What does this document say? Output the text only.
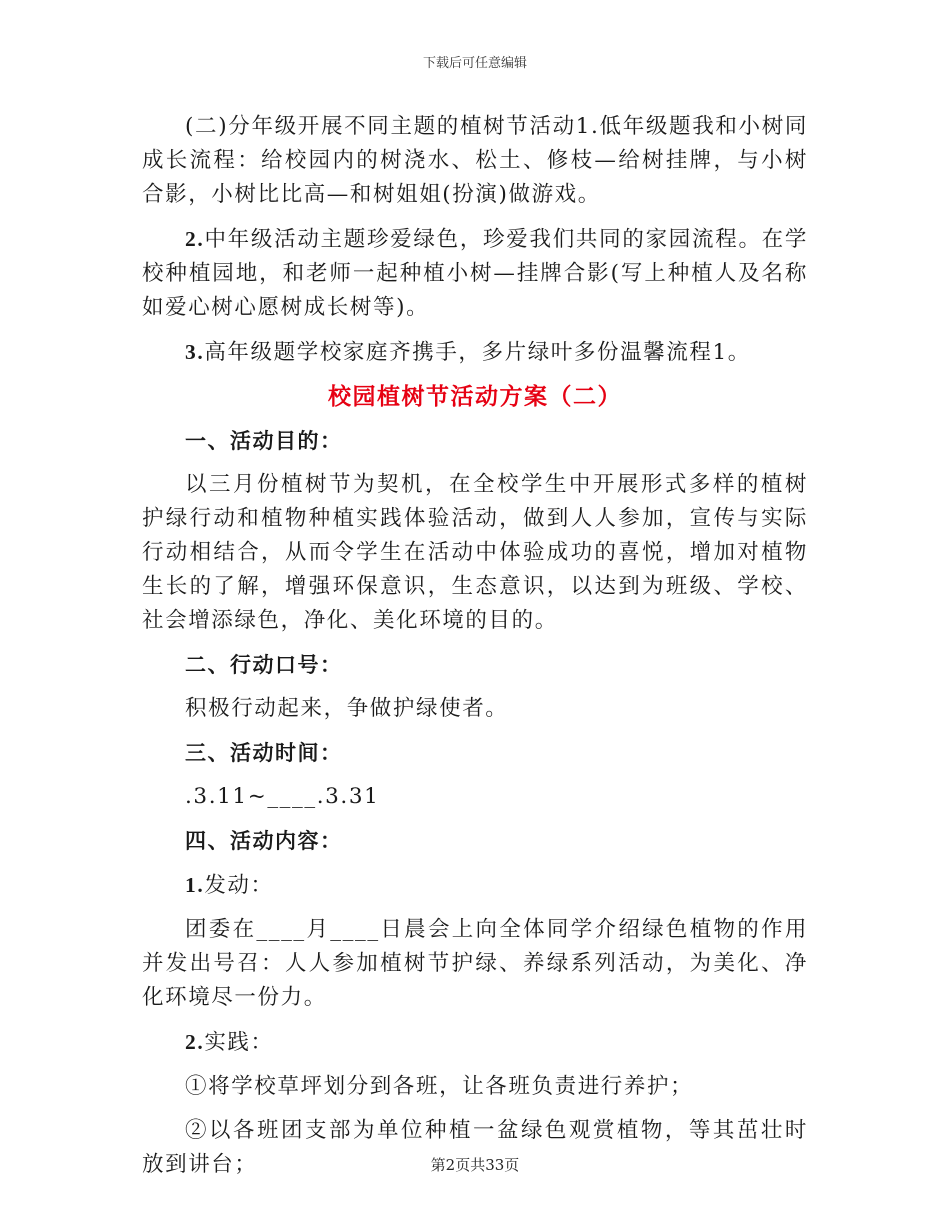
下载后可任意编辑

(二)分年级开展不同主题的植树节活动1.低年级题我和小树同成长流程：给校园内的树浇水、松土、修枝—给树挂牌，与小树合影，小树比比高—和树姐姐(扮演)做游戏。

2.中年级活动主题珍爱绿色，珍爱我们共同的家园流程。在学校种植园地，和老师一起种植小树—挂牌合影(写上种植人及名称如爱心树心愿树成长树等)。

3.高年级题学校家庭齐携手，多片绿叶多份温馨流程1。

校园植树节活动方案（二）
一、活动目的：

以三月份植树节为契机，在全校学生中开展形式多样的植树护绿行动和植物种植实践体验活动，做到人人参加，宣传与实际行动相结合，从而令学生在活动中体验成功的喜悦，增加对植物生长的了解，增强环保意识，生态意识，以达到为班级、学校、社会增添绿色，净化、美化环境的目的。

二、行动口号：

积极行动起来，争做护绿使者。

三、活动时间：

.3.11~____.3.31

四、活动内容：

1.发动：

团委在____月____日晨会上向全体同学介绍绿色植物的作用并发出号召：人人参加植树节护绿、养绿系列活动，为美化、净化环境尽一份力。

2.实践：

①将学校草坪划分到各班，让各班负责进行养护；

②以各班团支部为单位种植一盆绿色观赏植物，等其茁壮时放到讲台；	第2页共33页
